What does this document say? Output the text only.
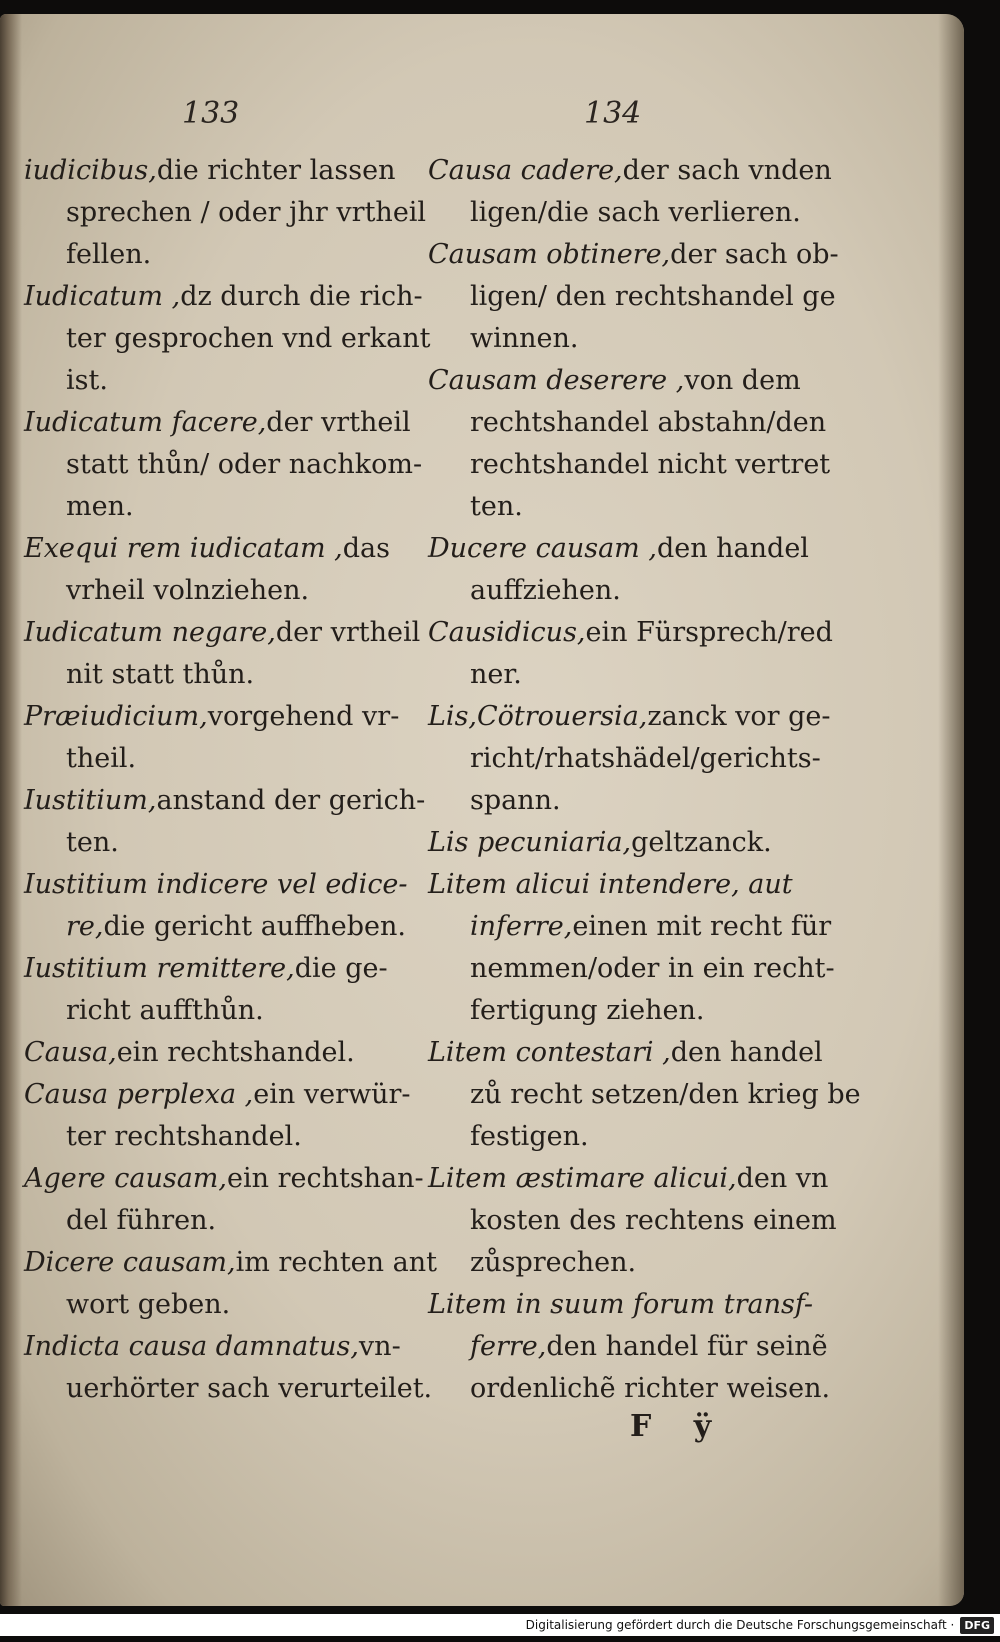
133	134
iudicibus,die richter lassen
sprechen / oder jhr vrtheil
fellen.
Iudicatum ,dz durch die rich-
ter gesprochen vnd erkant
ist.
Iudicatum facere,der vrtheil
statt thůn/ oder nachkom-
men.
Exequi rem iudicatam ,das
vrheil volnziehen.
Iudicatum negare,der vrtheil
nit statt thůn.
Præiudicium,vorgehend vr-
theil.
Iustitium,anstand der gerich-
ten.
Iustitium indicere vel edice-
re,die gericht auffheben.
Iustitium remittere,die ge-
richt auffthůn.
Causa,ein rechtshandel.
Causa perplexa ,ein verwür-
ter rechtshandel.
Agere causam,ein rechtshan-
del führen.
Dicere causam,im rechten ant
wort geben.
Indicta causa damnatus,vn-
uerhörter sach verurteilet.
Causa cadere,der sach vnden
ligen/die sach verlieren.
Causam obtinere,der sach ob-
ligen/ den rechtshandel ge
winnen.
Causam deserere ,von dem
rechtshandel abstahn/den
rechtshandel nicht vertret
ten.
Ducere causam ,den handel
auffziehen.
Causidicus,ein Fürsprech/red
ner.
Lis,Cötrouersia,zanck vor ge-
richt/rhatshädel/gerichts-
spann.
Lis pecuniaria,geltzanck.
Litem alicui intendere, aut
inferre,einen mit recht für
nemmen/oder in ein recht-
fertigung ziehen.
Litem contestari ,den handel
zů recht setzen/den krieg be
festigen.
Litem æstimare alicui,den vn
kosten des rechtens einem
zůsprechen.
Litem in suum forum transf-
ferre,den handel für seinẽ
ordenlichẽ richter weisen.
F ÿ
Digitalisierung gefördert durch die Deutsche Forschungsgemeinschaft · DFG
